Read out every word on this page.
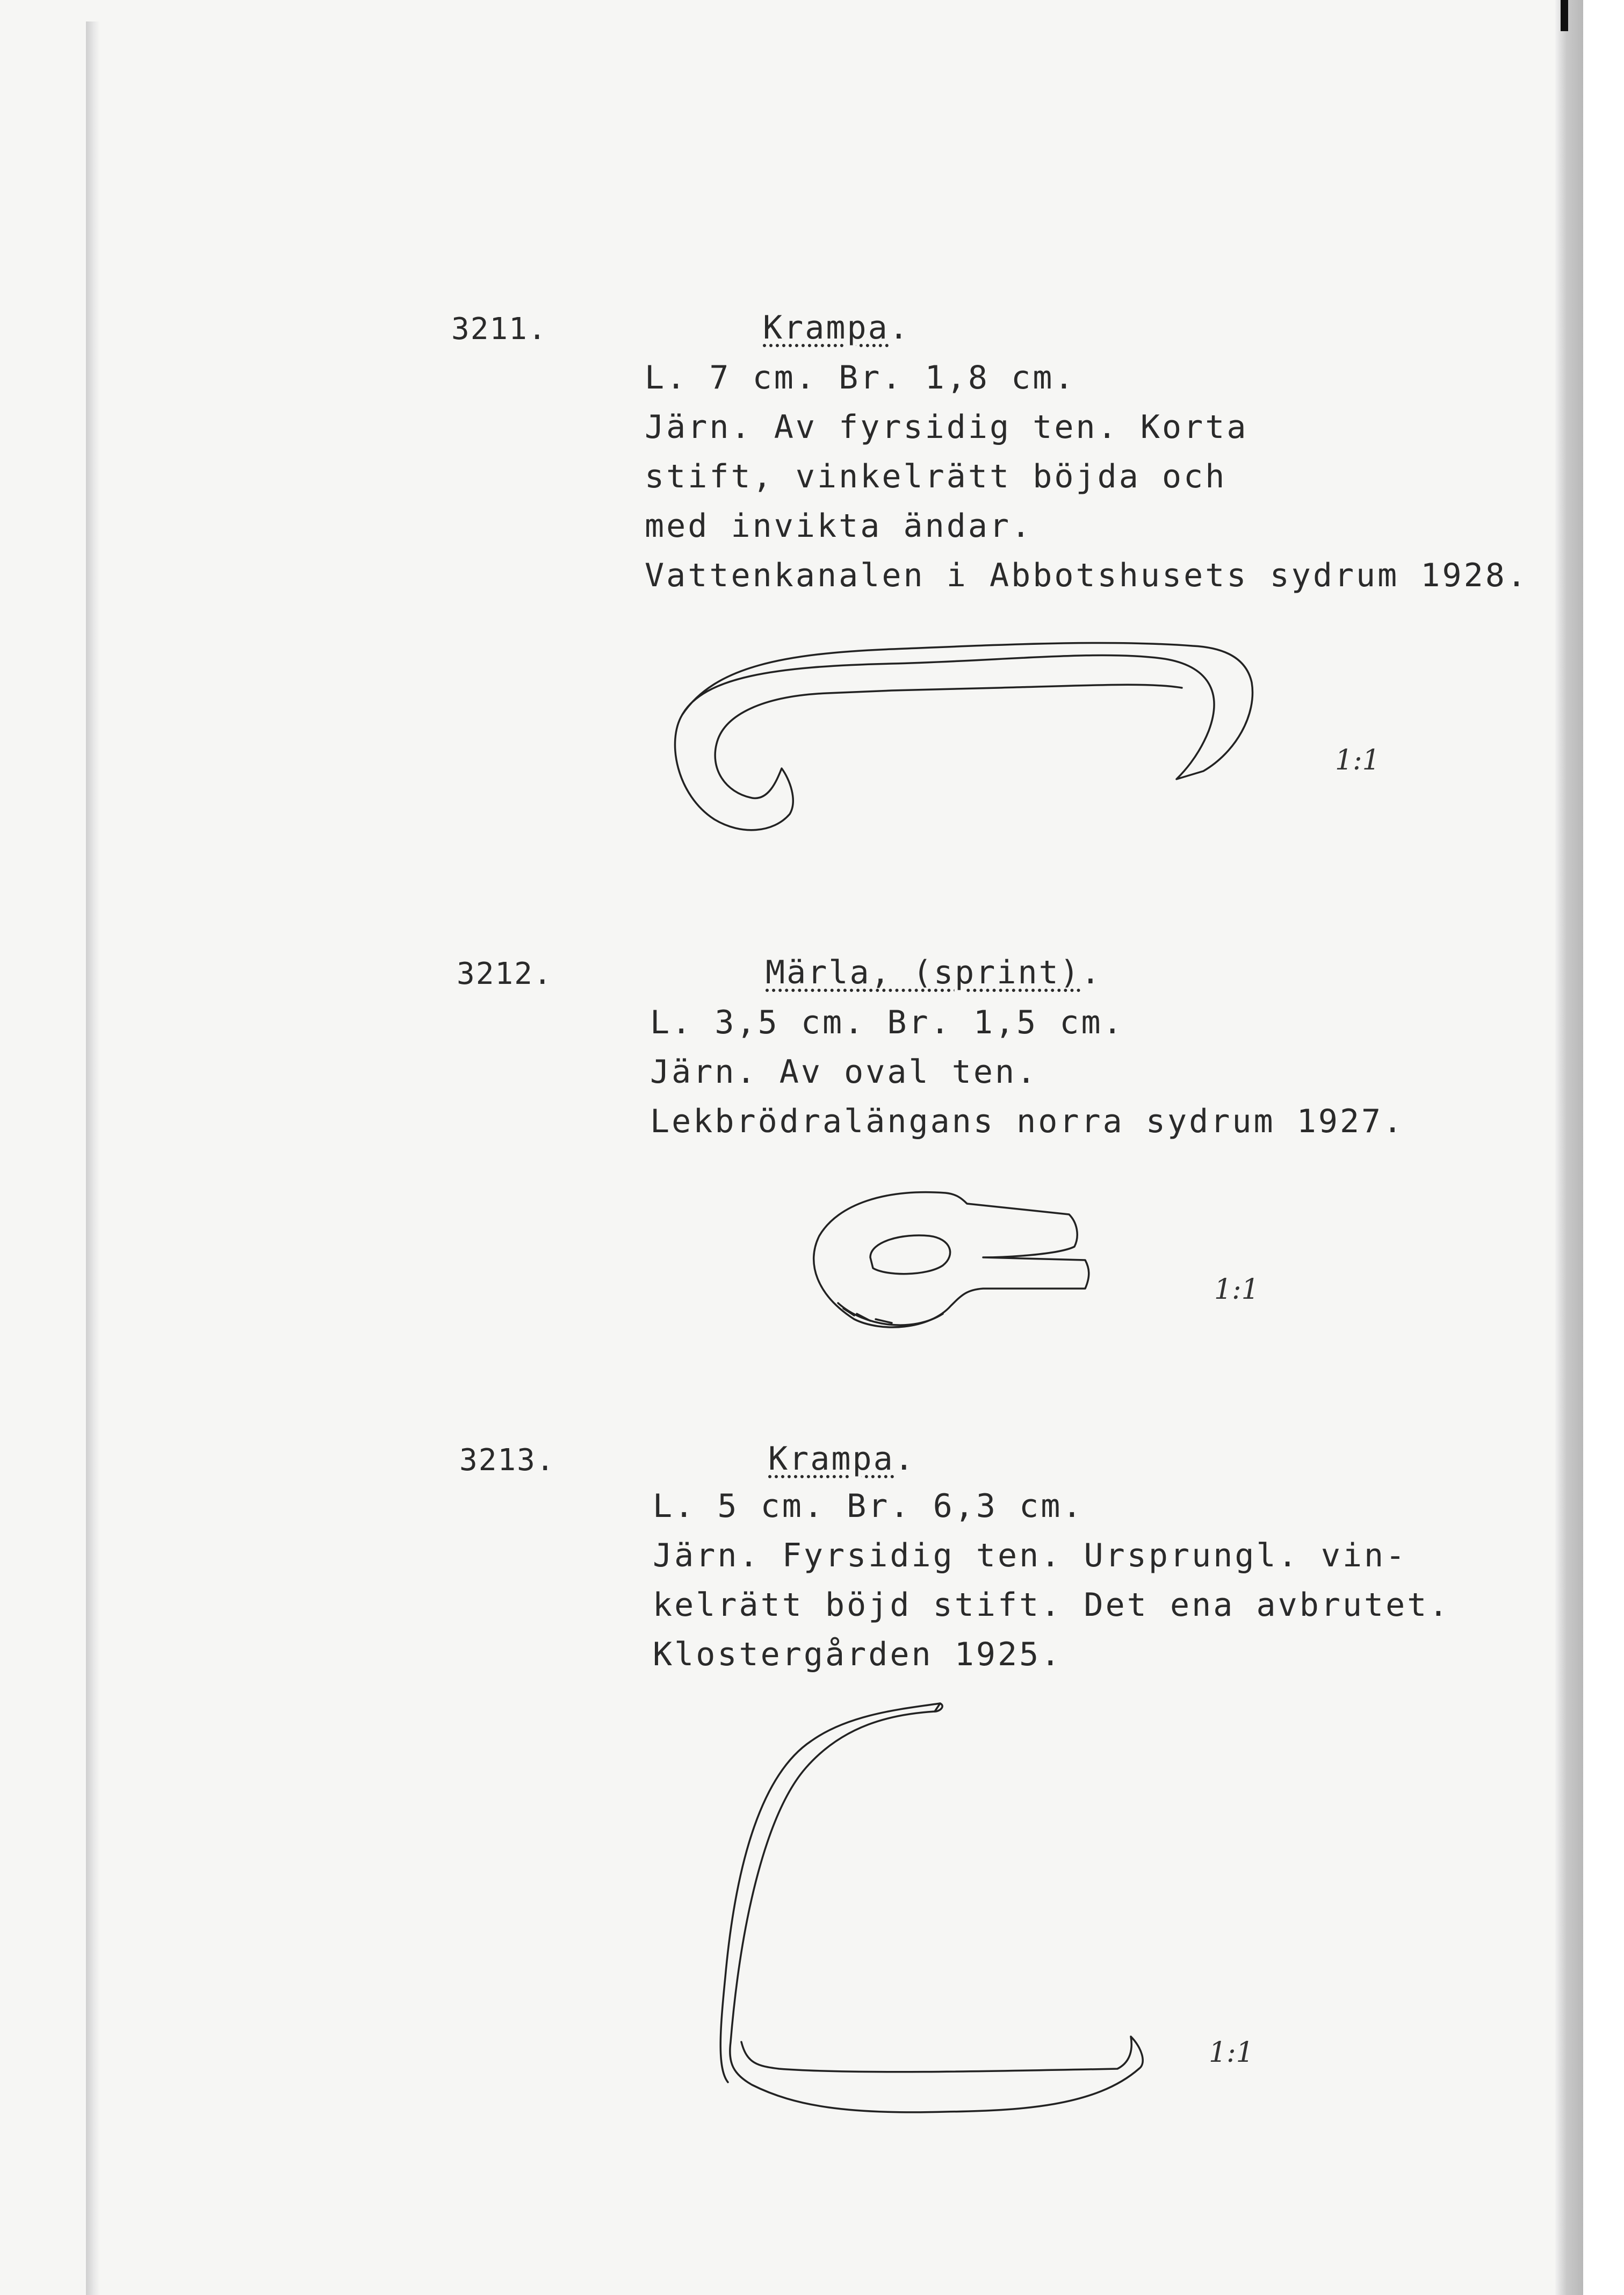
3211.	Krampa.
L. 7 cm. Br. 1,8 cm.
Järn. Av fyrsidig ten. Korta
stift, vinkelrätt böjda och
med invikta ändar.
Vattenkanalen i Abbotshusets sydrum 1928.
1:1
3212.	Märla, (sprint).
L. 3,5 cm. Br. 1,5 cm.
Järn. Av oval ten.
Lekbrödralängans norra sydrum 1927.
1:1
3213.	Krampa.
L. 5 cm. Br. 6,3 cm.
Järn. Fyrsidig ten. Ursprungl. vin-
kelrätt böjd stift. Det ena avbrutet.
Klostergården 1925.
1:1
